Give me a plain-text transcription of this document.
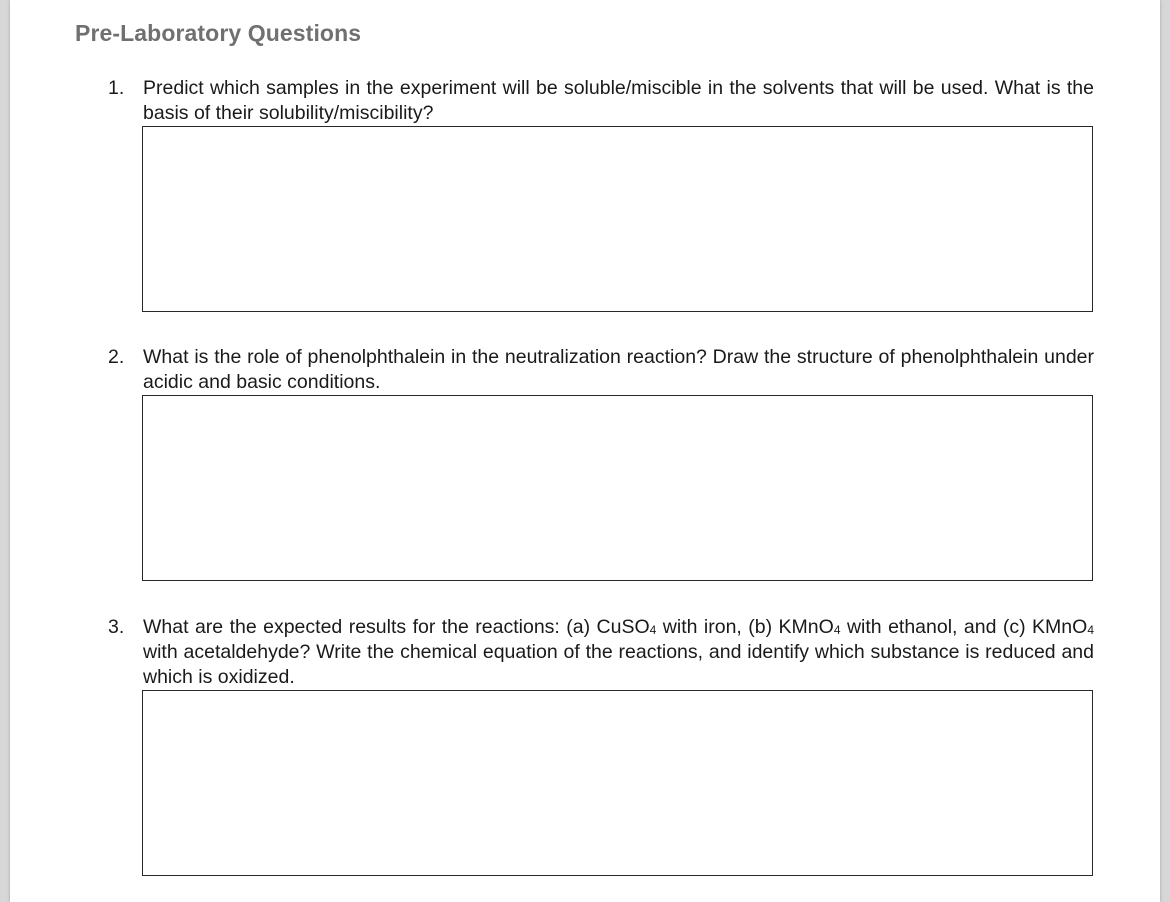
Pre-Laboratory Questions
1. Predict which samples in the experiment will be soluble/miscible in the solvents that will be used. What is the basis of their solubility/miscibility?

2. What is the role of phenolphthalein in the neutralization reaction? Draw the structure of phenolphthalein under acidic and basic conditions.

3. What are the expected results for the reactions: (a) CuSO$_4$ with iron, (b) KMnO$_4$ with ethanol, and (c) KMnO$_4$ with acetaldehyde? Write the chemical equation of the reactions, and identify which substance is reduced and which is oxidized.
